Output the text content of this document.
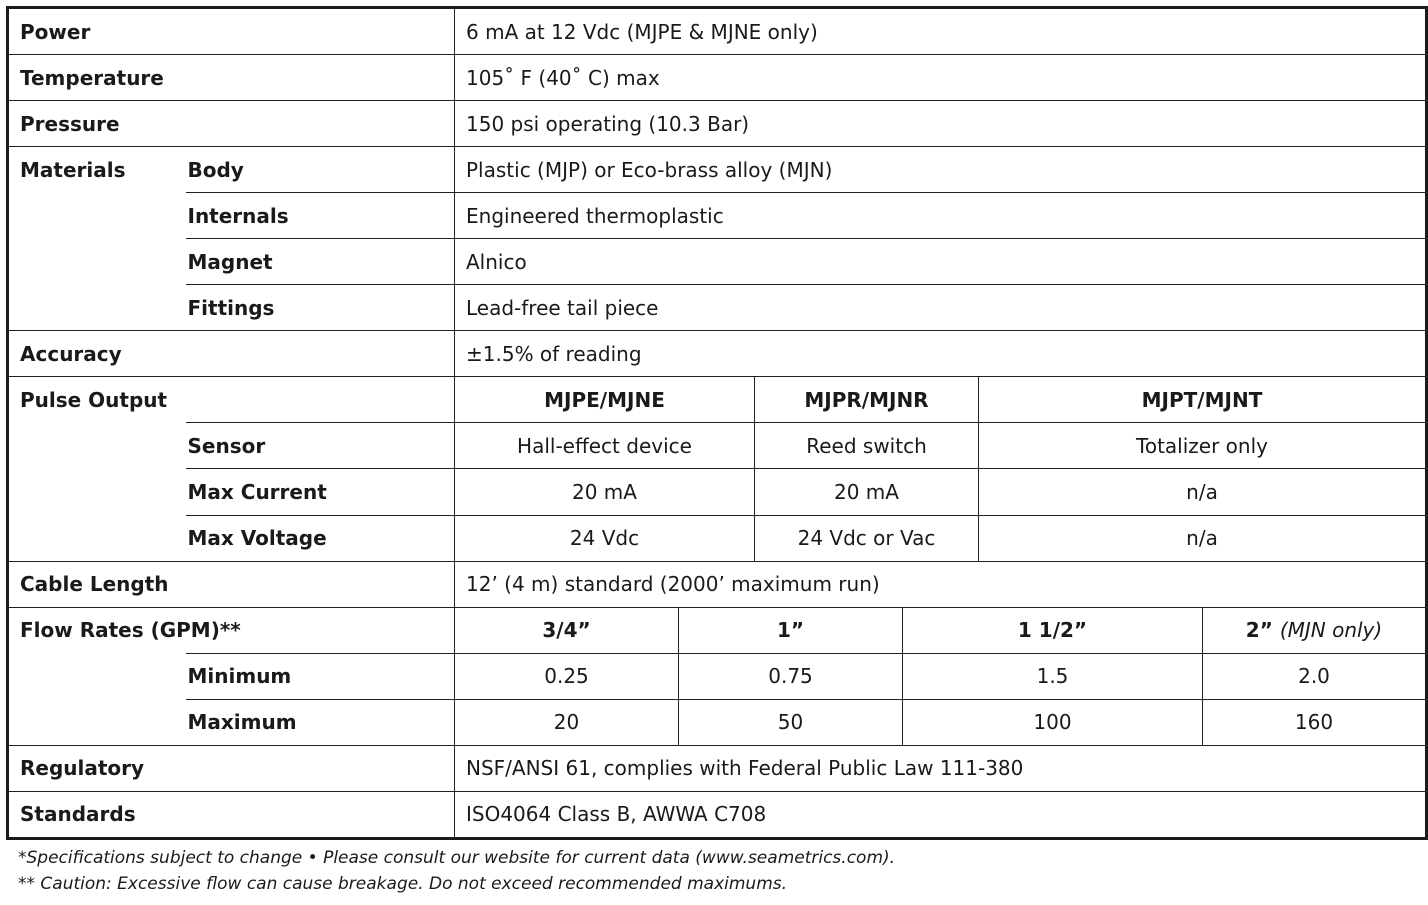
Power		6 mA at 12 Vdc (MJPE & MJNE only)					
Temperature		105˚ F (40˚ C) max					
Pressure		150 psi operating (10.3 Bar)					
Materials	Body	Plastic (MJP) or Eco-brass alloy (MJN)					
	Internals	Engineered thermoplastic					
	Magnet	Alnico					
	Fittings	Lead-free tail piece					
Accuracy		±1.5% of reading					
Pulse Output		MJPE/MJNE		MJPR/MJNR		MJPT/MJNT	
	Sensor	Hall-effect device		Reed switch		Totalizer only	
	Max Current	20 mA		20 mA		n/a	
	Max Voltage	24 Vdc		24 Vdc or Vac		n/a	
Cable Length		12’ (4 m) standard (2000’ maximum run)					
Flow Rates (GPM)**		3/4”	1”		1 1/2”		2” (MJN only)
	Minimum	0.25	0.75		1.5		2.0
	Maximum	20	50		100		160
Regulatory		NSF/ANSI 61, complies with Federal Public Law 111-380					
Standards		ISO4064 Class B, AWWA C708					
*Specifications subject to change • Please consult our website for current data (www.seametrics.com).
** Caution: Excessive flow can cause breakage. Do not exceed recommended maximums.
